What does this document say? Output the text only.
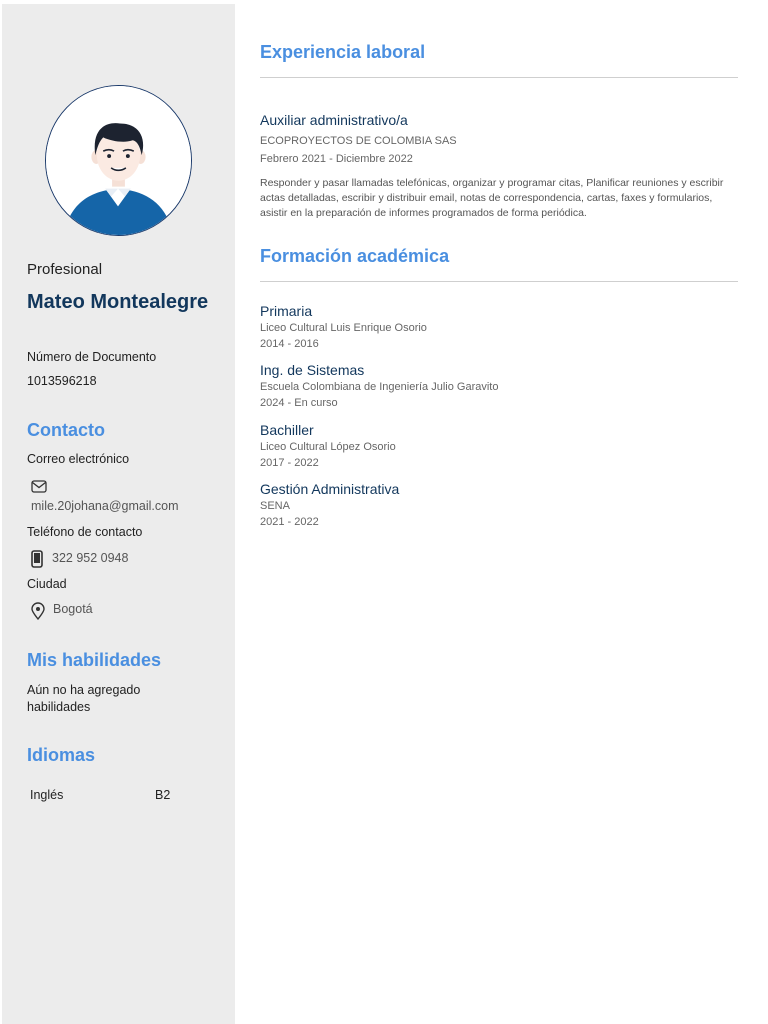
Profesional
Mateo Montealegre
Número de Documento
1013596218
Contacto
Correo electrónico
mile.20johana@gmail.com
Teléfono de contacto
322 952 0948
Ciudad
Bogotá
Mis habilidades
Aún no ha agregado habilidades
Idiomas
Inglés	B2
Experiencia laboral
Auxiliar administrativo/a
ECOPROYECTOS DE COLOMBIA SAS
Febrero 2021 - Diciembre 2022
Responder y pasar llamadas telefónicas, organizar y programar citas, Planificar reuniones y escribir actas detalladas, escribir y distribuir email, notas de correspondencia, cartas, faxes y formularios, asistir en la preparación de informes programados de forma periódica.
Formación académica
Primaria
Liceo Cultural Luis Enrique Osorio
2014 - 2016
Ing. de Sistemas
Escuela Colombiana de Ingeniería Julio Garavito
2024 - En curso
Bachiller
Liceo Cultural López Osorio
2017 - 2022
Gestión Administrativa
SENA
2021 - 2022
